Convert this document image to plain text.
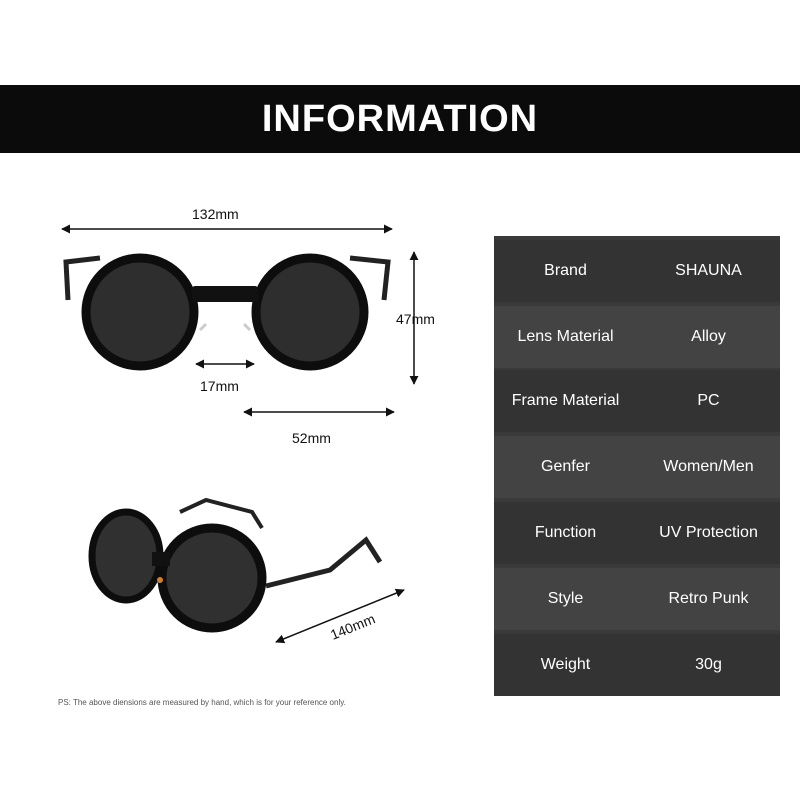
INFORMATION
132mm
47mm
17mm
52mm
140mm
Brand	SHAUNA
Lens Material	Alloy
Frame Material	PC
Genfer	Women/Men
Function	UV Protection
Style	Retro Punk
Weight	30g
PS: The above diensions are measured by hand, which is for your reference only.
